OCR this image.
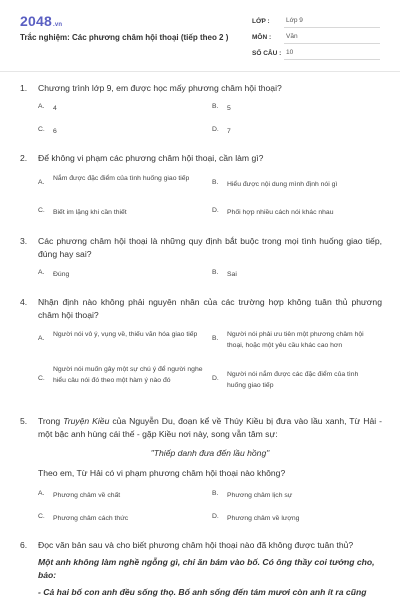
2048.vn
Trắc nghiệm: Các phương châm hội thoại (tiếp theo 2 )
LỚP :	Lớp 9
MÔN :	Văn
SỐ CÂU : 10
1. Chương trình lớp 9, em được học mấy phương châm hội thoại?
A. 4	B. 5
C. 6	D. 7
2. Để không vi phạm các phương châm hội thoại, cần làm gì?
A.
Nắm được đặc điểm của tình huống giao tiếp
B. Hiểu được nội dung mình định nói gì
C. Biết im lặng khi cần thiết	D. Phối hợp nhiều cách nói khác nhau
3. Các phương châm hội thoại là những quy định bắt buộc trong mọi tình huống giao tiếp, đúng hay sai?
A. Đúng	B. Sai
4. Nhận định nào không phải nguyên nhân của các trường hợp không tuân thủ phương châm hội thoại?
A.
Người nói vô ý, vụng về, thiếu văn hóa giao tiếp
B.
Người nói phải ưu tiên một phương châm hội thoại, hoặc một yêu cầu khác cao hơn
C.
Người nói muốn gây một sự chú ý để người nghe hiểu câu nói đó theo một hàm ý nào đó	D.
Người nói nắm được các đặc điểm của tình huống giao tiếp
5. Trong Truyện Kiều của Nguyễn Du, đoạn kể về Thúy Kiều bị đưa vào lầu xanh, Từ Hải - một bậc anh hùng cái thế - gặp Kiều nơi này, song vẫn tâm sự:
"Thiếp danh đưa đến lầu hồng"
Theo em, Từ Hải có vi phạm phương châm hội thoại nào không?
A. Phương châm về chất	B. Phương châm lịch sự
C. Phương châm cách thức	D. Phương châm về lượng
6. Đọc văn bản sau và cho biết phương châm hội thoại nào đã không được tuân thủ?
Một anh không làm nghề ngỗng gì, chỉ ăn bám vào bố. Có ông thầy coi tướng cho, bảo:
- Cả hai bố con anh đều sống thọ. Bố anh sống đến tám mươi còn anh ít ra cũng
